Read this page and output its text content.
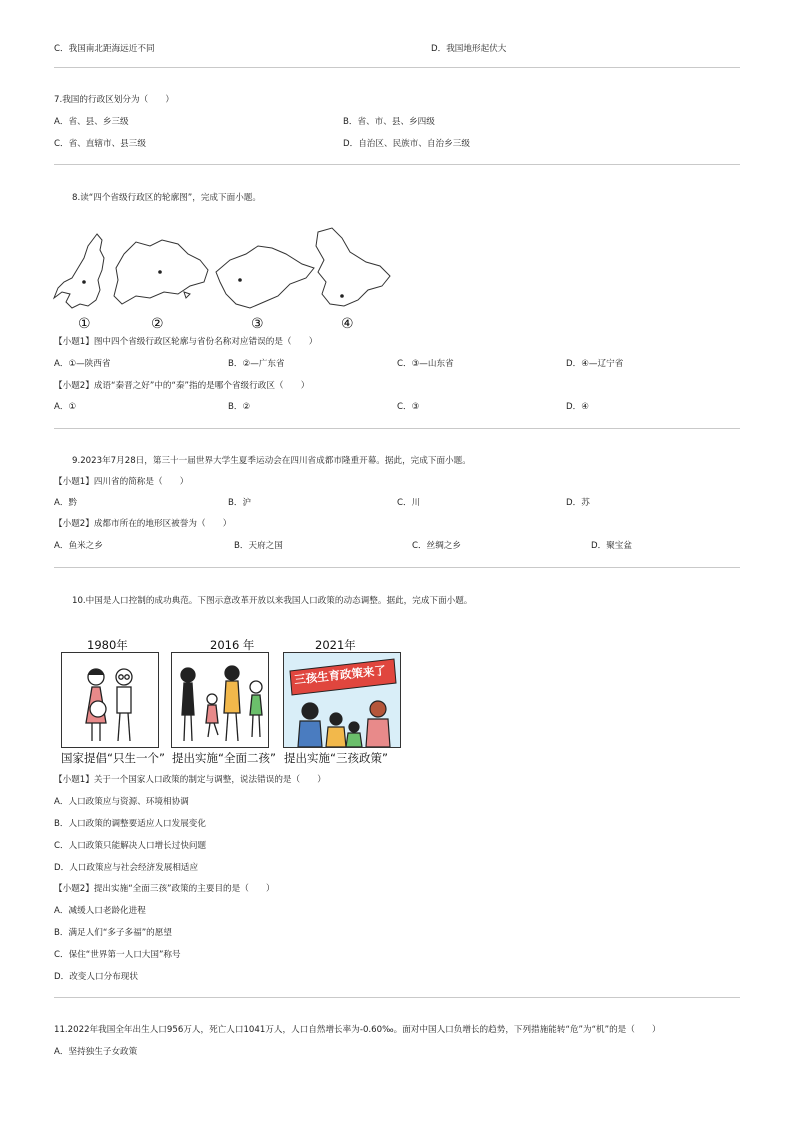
C．我国南北距海远近不同	D．我国地形起伏大
7.我国的行政区划分为（　　）
A．省、县、乡三级	B．省、市、县、乡四级
C．省、直辖市、县三级	D．自治区、民族市、自治乡三级
8.读“四个省级行政区的轮廓图”，完成下面小题。
①	②	③	④
【小题1】图中四个省级行政区轮廓与省份名称对应错误的是（　　）
A．①—陕西省	B．②—广东省	C．③—山东省	D．④—辽宁省
【小题2】成语“秦晋之好”中的“秦”指的是哪个省级行政区（　　）
A．①	B．②	C．③	D．④
9.2023年7月28日，第三十一届世界大学生夏季运动会在四川省成都市隆重开幕。据此，完成下面小题。
【小题1】四川省的简称是（　　）
A．黔	B．沪	C．川	D．苏
【小题2】成都市所在的地形区被誉为（　　）
A．鱼米之乡	B．天府之国	C．丝绸之乡	D．聚宝盆
10.中国是人口控制的成功典范。下图示意改革开放以来我国人口政策的动态调整。据此，完成下面小题。
1980年	2016 年	2021年
三孩生育政策来了
国家提倡“只生一个” 提出实施“全面二孩” 提出实施“三孩政策”
【小题1】关于一个国家人口政策的制定与调整，说法错误的是（　　）
A．人口政策应与资源、环境相协调
B．人口政策的调整要适应人口发展变化
C．人口政策只能解决人口增长过快问题
D．人口政策应与社会经济发展相适应
【小题2】提出实施“全面三孩”政策的主要目的是（　　）
A．减缓人口老龄化进程
B．满足人们“多子多福”的愿望
C．保住“世界第一人口大国”称号
D．改变人口分布现状
11.2022年我国全年出生人口956万人，死亡人口1041万人，人口自然增长率为-0.60‰。面对中国人口负增长的趋势，下列措施能转“危”为“机”的是（　　）
A．坚持独生子女政策
